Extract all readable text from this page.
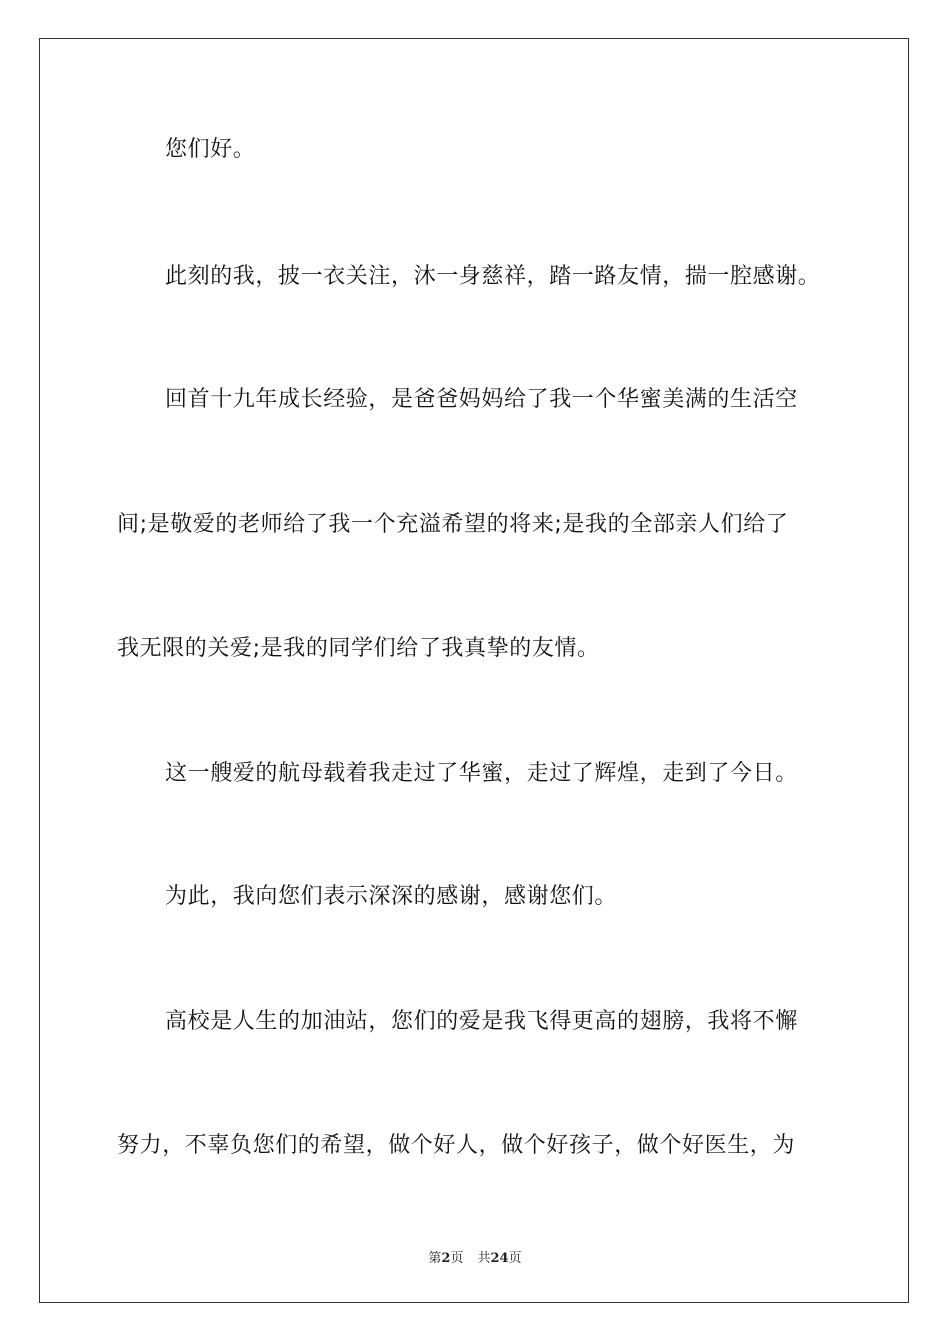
您们好。
此刻的我，披一衣关注，沐一身慈祥，踏一路友情，揣一腔感谢。
回首十九年成长经验，是爸爸妈妈给了我一个华蜜美满的生活空
间;是敬爱的老师给了我一个充溢希望的将来;是我的全部亲人们给了
我无限的关爱;是我的同学们给了我真挚的友情。
这一艘爱的航母载着我走过了华蜜，走过了辉煌，走到了今日。
为此，我向您们表示深深的感谢，感谢您们。
高校是人生的加油站，您们的爱是我飞得更高的翅膀，我将不懈
努力，不辜负您们的希望，做个好人，做个好孩子，做个好医生，为
第2页 共24页
